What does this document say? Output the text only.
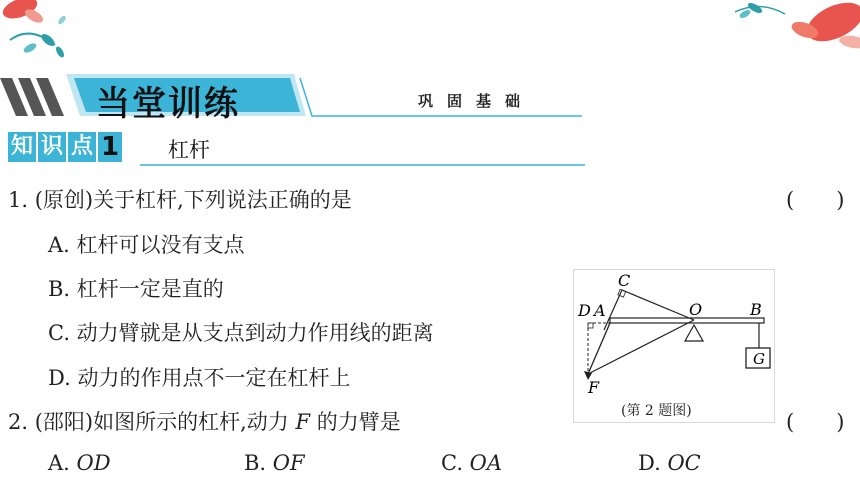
当堂训练	巩固基础
知 识 点 1 杠杆
1. (原创)关于杠杆,下列说法正确的是	(　　)
A. 杠杆可以没有支点
B. 杠杆一定是直的
C. 动力臂就是从支点到动力作用线的距离
D. 动力的作用点不一定在杠杆上
2. (邵阳)如图所示的杠杆,动力 F 的力臂是	(　　)
A. OD	B. OF	C. OA	D. OC
G
C
D A	O	B
F
(第 2 题图)
